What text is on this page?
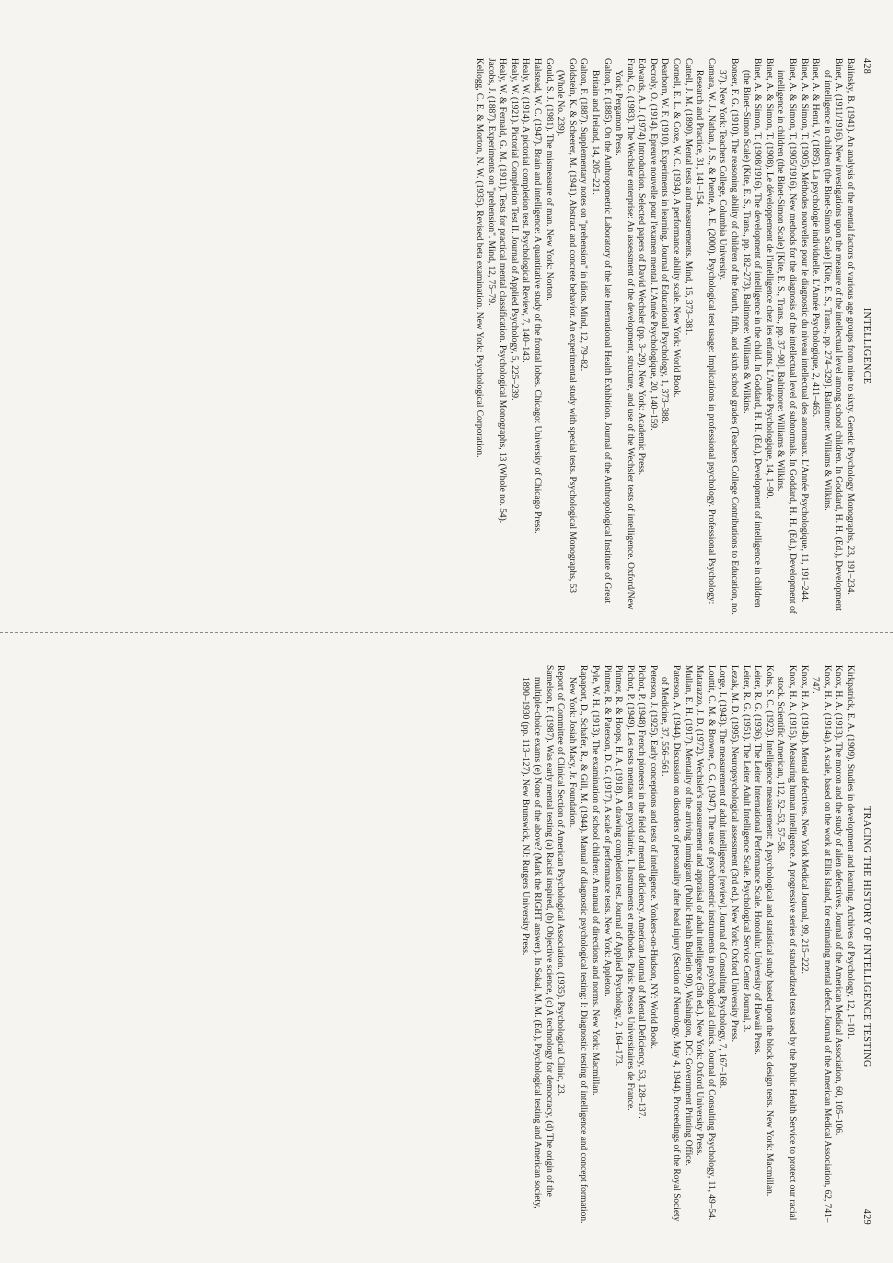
428
INTELLIGENCE

Balinsky, B. (1941). An analysis of the mental factors of various age groups from nine to sixty. Genetic Psychology Monographs, 23, 191–234.

Binet, A. (1911/1916). New investigations upon the measure of the intellectual level among school children. In Goddard, H. H. (Ed.), Development of intelligence in children (the Binet-Simon Scale) [Kite, E. S., Trans., pp. 274–329]. Baltimore: Williams & Wilkins.

Binet, A. & Henri, V. (1895). La psychologie individuelle. L'Année Psychologique, 2, 411–465.

Binet, A. & Simon, T. (1905). Méthodes nouvelles pour le diagnostic du niveau intellectual des anormaux. L'Année Psychologique, 11, 191–244.

Binet, A. & Simon, T. (1905/1916). New methods for the diagnosis of the intellectual level of subnormals. In Goddard, H. H. (Ed.), Development of intelligence in children (the Binet-Simon Scale) [Kite, E. S., Trans., pp. 37–90]. Baltimore: Williams & Wilkins.

Binet, A. & Simon, T. (1908). Le développement de l'intelligence chez les enfants. L'Année Psychologique, 14, 1–90.

Binet, A. & Simon, T. (1908/1916). The development of intelligence in the child. In Goddard, H. H. (Ed.), Development of intelligence in children (the Binet–Simon Scale) (Kite, E. S., Trans., pp. 182–273). Baltimore: Williams & Wilkins.

Bonser, F. G. (1910). The reasoning ability of children of the fourth, fifth, and sixth school grades (Teachers College Contributions to Education, no. 37). New York: Teachers College, Columbia University.

Camara, W. J., Nathan, J. S., & Puente, A. E. (2000). Psychological test usage: Implications in professional psychology. Professional Psychology: Research and Practice, 31, 141–154.

Cattell, J. M. (1890). Mental tests and measurements. Mind, 15, 373–381.

Cornell, E. L. & Coxe, W. C. (1934). A performance ability scale. New York: World Book.

Dearborn, W. F. (1910). Experiments in learning. Journal of Educational Psychology, 1, 373–388.

Decroly, O. (1914). Epreuve nouvelle pour l'examen mental. L'Année Psychologique, 20, 140–159.

Edwards, A. J. (1974) Introduction. Selected papers of David Wechsler (pp. 3–29). New York: Academic Press.

Frank, G. (1983). The Wechsler enterprise: An assessment of the development, structure, and use of the Wechsler tests of intelligence. Oxford/New York: Pergamon Press.

Galton, F. (1885). On the Anthropometric Laboratory of the late International Health Exhibition. Journal of the Anthropological Institute of Great Britain and Ireland, 14, 205–221.

Galton, F. (1887). Supplementary notes on "prehension" in idiots. Mind, 12, 79–82.

Goldstein, K. & Scheerer, M. (1941). Abstract and concrete behavior. An experimental study with special tests. Psychological Monographs, 53 (Whole No. 239).

Gould, S. J. (1981). The mismeasure of man. New York: Norton.

Halstead, W. C. (1947). Brain and intelligence: A quantitative study of the frontal lobes. Chicago: University of Chicago Press.

Healy, W. (1914). A pictorial completion test. Psychological Review, 7, 140–143.

Healy, W. (1921). Pictorial Completion Test II. Journal of Applied Psychology, 5, 225–239.

Healy, W. & Fernald, G. M. (1911). Tests for practical mental classification. Psychological Monographs, 13 (Whole no. 54).

Jacobs, J. (1887). Experiments on "prehension". Mind, 12, 75–79.

Kellogg, C. E. & Morton, N. W. (1935). Revised beta examination. New York: Psychological Corporation.

TRACING THE HISTORY OF INTELLIGENCE TESTING
429

Kirkpatrick, E. A. (1909). Studies in development and learning. Archives of Psychology, 12, 1–101.

Knox, H. A. (1913). The moron and the study of alien defectives. Journal of the American Medical Association, 60, 105–106.

Knox, H. A. (1914a). A scale, based on the work at Ellis Island, for estimating mental defect. Journal of the American Medical Association, 62, 741–747.

Knox, H. A. (1914b). Mental defectives. New York Medical Journal, 99, 215–222.

Knox, H. A. (1915). Measuring human intelligence. A progressive series of standardized tests used by the Public Health Service to protect our racial stock. Scientific American, 112, 52–53, 57–58.

Kohs, S. C. (1923). Intelligence measurement: A psychological and statistical study based upon the block design tests. New York: Macmillan.

Leiter, R. G. (1936). The Leiter International Performance Scale. Honolulu: University of Hawaii Press.

Leiter, R. G. (1951). The Leiter Adult Intelligence Scale. Psychological Service Center Journal, 3.

Lezak, M. D. (1995). Neuropsychological assessment (3rd ed.). New York: Oxford University Press.

Lorge, I. (1943). The measurement of adult intelligence [review]. Journal of Consulting Psychology, 7, 167–168.

Louttit, C. M. & Browne, C. G. (1947). The use of psychometric instruments in psychological clinics. Journal of Consulting Psychology, 11, 49–54.

Matarazzo, J. D. (1972). Wechsler's measurement and appraisal of adult intelligence (5th ed.). New York: Oxford University Press.

Mullan, E. H. (1917). Mentality of the arriving immigrant (Public Health Bulletin 90). Washington, DC: Government Printing Office.

Paterson, A. (1944). Discussion on disorders of personality after head injury (Section of Neurology. May 4, 1944). Proceedings of the Royal Society of Medicine, 37, 556–561.

Peterson, J. (1925). Early conceptions and tests of intelligence. Yonkers-on-Hudson, NY: World Book.

Pichot, P. (1948) French pioneers in the field of mental deficiency. American Journal of Mental Deficiency, 53, 128–137.

Pichot, P. (1949). Les tests mentaux en psychiatrie, I. Instruments et méthodes. Paris: Presses Universitaires de France.

Pintner, R. & Hoops, H. A. (1918). A drawing completion test. Journal of Applied Psychology, 2, 164–173.

Pintner, R. & Paterson, D. G. (1917). A scale of performance tests. New York: Appleton.

Pyle, W. H. (1913). The examination of school children: A manual of directions and norms. New York: Macmillan.

Rapaport, D., Schafer, R., & Gill, M. (1944). Manual of diagnostic psychological testing: I: Diagnostic testing of intelligence and concept formation. New York: Josiah Macy, Jr. Foundation.

Report of Committee of Clinical Section of American Psychological Association. (1935). Psychological Clinic, 23.

Samelson, F. (1987). Was early mental testing (a) Racist inspired, (b) Objective science, (c) A technology for democracy, (d) The origin of the multiple-choice exams (e) None of the above? (Mark the RIGHT answer). In Sokal, M. M. (Ed.), Psychological testing and American society, 1890–1930 (pp. 113–127). New Brunswick, NJ: Rutgers University Press.
